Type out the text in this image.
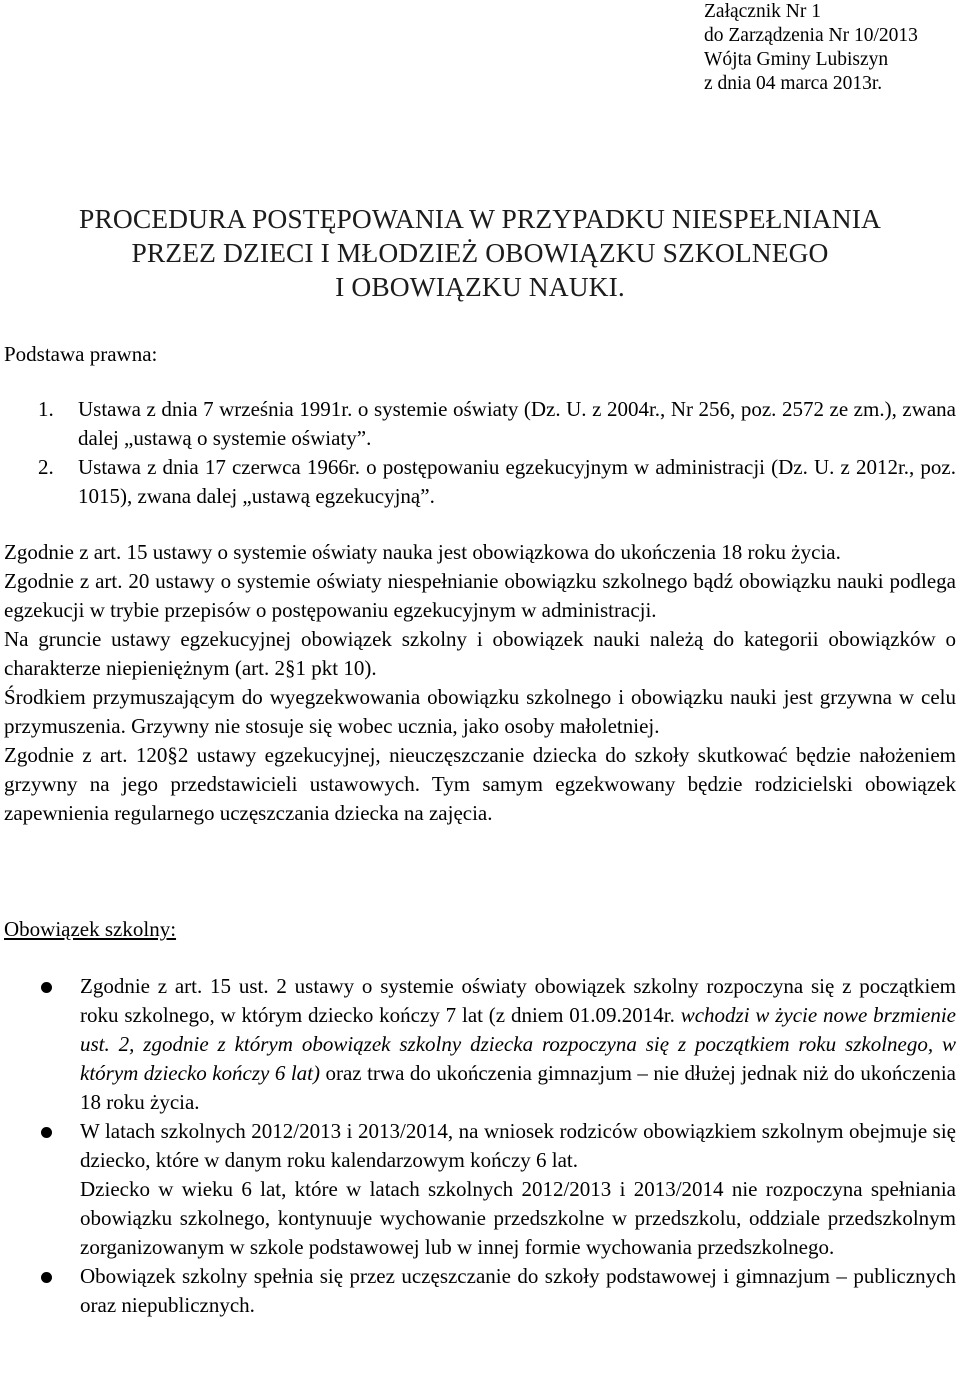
Załącznik Nr 1
do Zarządzenia Nr 10/2013
Wójta Gminy Lubiszyn
z dnia 04 marca 2013r.
PROCEDURA POSTĘPOWANIA W PRZYPADKU NIESPEŁNIANIA
PRZEZ DZIECI I MŁODZIEŻ OBOWIĄZKU SZKOLNEGO
I OBOWIĄZKU NAUKI.
Podstawa prawna:
1.	Ustawa z dnia 7 września 1991r. o systemie oświaty (Dz. U. z 2004r., Nr 256, poz. 2572 ze zm.), zwana dalej „ustawą o systemie oświaty”.
2.	Ustawa z dnia 17 czerwca 1966r. o postępowaniu egzekucyjnym w administracji (Dz. U. z 2012r., poz. 1015), zwana dalej „ustawą egzekucyjną”.

Zgodnie z art. 15 ustawy o systemie oświaty nauka jest obowiązkowa do ukończenia 18 roku życia.

Zgodnie z art. 20 ustawy o systemie oświaty niespełnianie obowiązku szkolnego bądź obowiązku nauki podlega egzekucji w trybie przepisów o postępowaniu egzekucyjnym w administracji.

Na gruncie ustawy egzekucyjnej obowiązek szkolny i obowiązek nauki należą do kategorii obowiązków o charakterze niepieniężnym (art. 2§1 pkt 10).

Środkiem przymuszającym do wyegzekwowania obowiązku szkolnego i obowiązku nauki jest grzywna w celu przymuszenia. Grzywny nie stosuje się wobec ucznia, jako osoby małoletniej.

Zgodnie z art. 120§2 ustawy egzekucyjnej, nieuczęszczanie dziecka do szkoły skutkować będzie nałożeniem grzywny na jego przedstawicieli ustawowych. Tym samym egzekwowany będzie rodzicielski obowiązek zapewnienia regularnego uczęszczania dziecka na zajęcia.

Obowiązek szkolny:
Zgodnie z art. 15 ust. 2 ustawy o systemie oświaty obowiązek szkolny rozpoczyna się z początkiem roku szkolnego, w którym dziecko kończy 7 lat (z dniem 01.09.2014r. wchodzi w życie nowe brzmienie ust. 2, zgodnie z którym obowiązek szkolny dziecka rozpoczyna się z początkiem roku szkolnego, w którym dziecko kończy 6 lat) oraz trwa do ukończenia gimnazjum – nie dłużej jednak niż do ukończenia 18 roku życia.

W latach szkolnych 2012/2013 i 2013/2014, na wniosek rodziców obowiązkiem szkolnym obejmuje się dziecko, które w danym roku kalendarzowym kończy 6 lat.

Dziecko w wieku 6 lat, które w latach szkolnych 2012/2013 i 2013/2014 nie rozpoczyna spełniania obowiązku szkolnego, kontynuuje wychowanie przedszkolne w przedszkolu, oddziale przedszkolnym zorganizowanym w szkole podstawowej lub w innej formie wychowania przedszkolnego.

Obowiązek szkolny spełnia się przez uczęszczanie do szkoły podstawowej i gimnazjum – publicznych oraz niepublicznych.
